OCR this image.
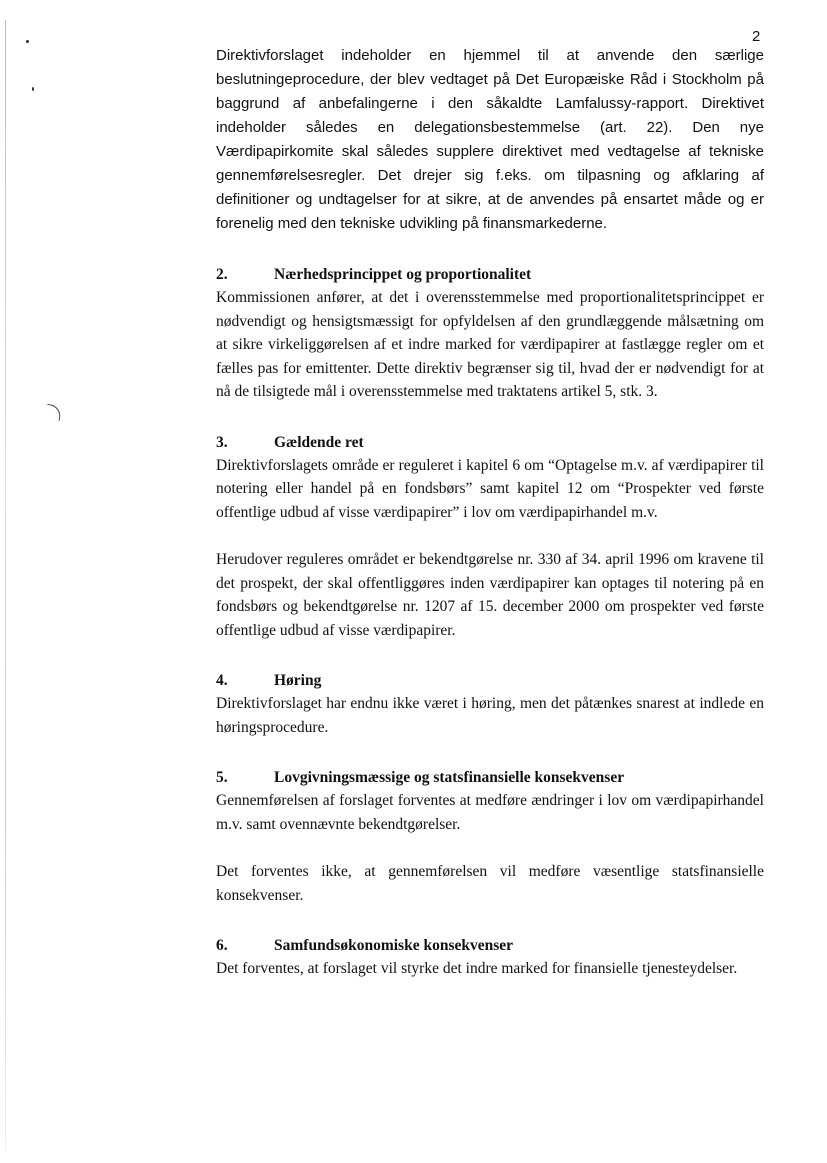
2

Direktivforslaget indeholder en hjemmel til at anvende den særlige beslutningeprocedure, der blev vedtaget på Det Europæiske Råd i Stockholm på baggrund af anbefalingerne i den såkaldte Lamfalussy-rapport. Direktivet indeholder således en delegationsbestemmelse (art. 22). Den nye Værdipapirkomite skal således supplere direktivet med vedtagelse af tekniske gennemførelsesregler. Det drejer sig f.eks. om tilpasning og afklaring af definitioner og undtagelser for at sikre, at de anvendes på ensartet måde og er forenelig med den tekniske udvikling på finansmarkederne.

2.	Nærhedsprincippet og proportionalitet

Kommissionen anfører, at det i overensstemmelse med proportionalitetsprincippet er nødvendigt og hensigtsmæssigt for opfyldelsen af den grundlæggende målsætning om at sikre virkeliggørelsen af et indre marked for værdipapirer at fastlægge regler om et fælles pas for emittenter. Dette direktiv begrænser sig til, hvad der er nødvendigt for at nå de tilsigtede mål i overensstemmelse med traktatens artikel 5, stk. 3.

3.	Gældende ret

Direktivforslagets område er reguleret i kapitel 6 om “Optagelse m.v. af værdipapirer til notering eller handel på en fondsbørs” samt kapitel 12 om “Prospekter ved første offentlige udbud af visse værdipapirer” i lov om værdipapirhandel m.v.

Herudover reguleres området er bekendtgørelse nr. 330 af 34. april 1996 om kravene til det prospekt, der skal offentliggøres inden værdipapirer kan optages til notering på en fondsbørs og bekendtgørelse nr. 1207 af 15. december 2000 om prospekter ved første offentlige udbud af visse værdipapirer.

4.	Høring

Direktivforslaget har endnu ikke været i høring, men det påtænkes snarest at indlede en høringsprocedure.

5.	Lovgivningsmæssige og statsfinansielle konsekvenser

Gennemførelsen af forslaget forventes at medføre ændringer i lov om værdipapirhandel m.v. samt ovennævnte bekendtgørelser.

Det forventes ikke, at gennemførelsen vil medføre væsentlige statsfinansielle konsekvenser.

6.	Samfundsøkonomiske konsekvenser

Det forventes, at forslaget vil styrke det indre marked for finansielle tjenesteydelser.
